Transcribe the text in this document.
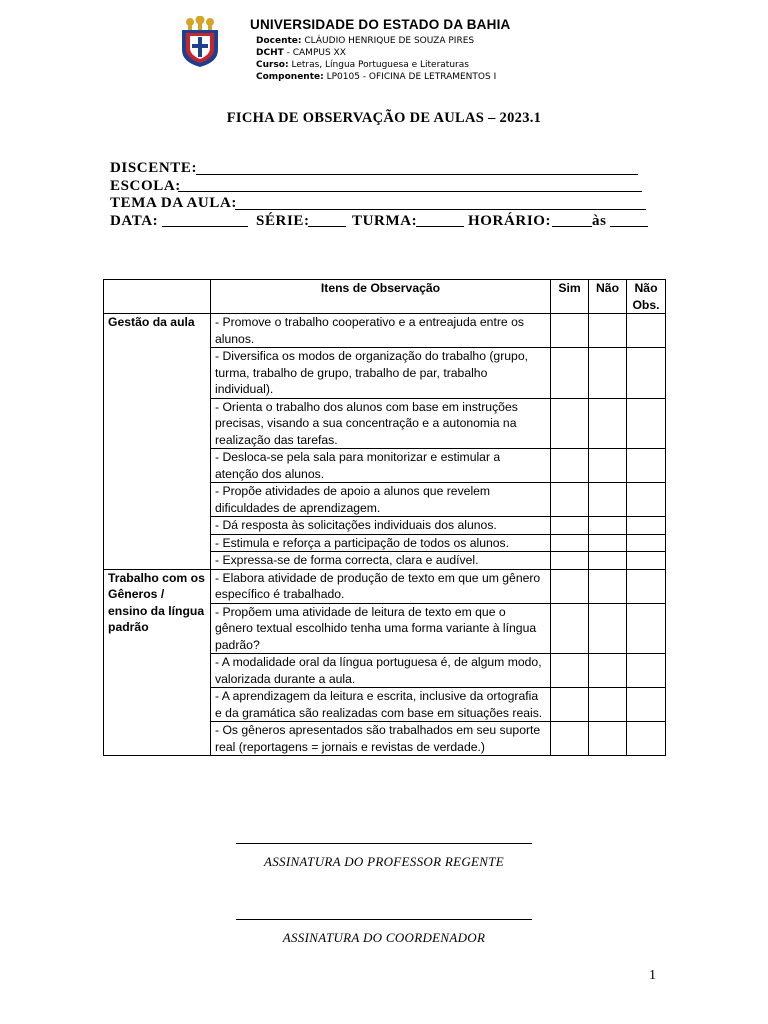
UNIVERSIDADE DO ESTADO DA BAHIA
Docente: CLÁUDIO HENRIQUE DE SOUZA PIRES
DCHT - CAMPUS XX
Curso: Letras, Língua Portuguesa e Literaturas
Componente: LP0105 - OFICINA DE LETRAMENTOS I
FICHA DE OBSERVAÇÃO DE AULAS – 2023.1
DISCENTE:
ESCOLA:
TEMA DA AULA:
DATA:	SÉRIE:	TURMA:	HORÁRIO:	às
	Itens de Observação	Sim	Não	Não Obs.
Gestão da aula	- Promove o trabalho cooperativo e a entreajuda entre os alunos.			
	- Diversifica os modos de organização do trabalho (grupo, turma, trabalho de grupo, trabalho de par, trabalho individual).			
	- Orienta o trabalho dos alunos com base em instruções precisas, visando a sua concentração e a autonomia na realização das tarefas.			
	- Desloca-se pela sala para monitorizar e estimular a atenção dos alunos.			
	- Propõe atividades de apoio a alunos que revelem dificuldades de aprendizagem.			
	- Dá resposta às solicitações individuais dos alunos.			
	- Estimula e reforça a participação de todos os alunos.			
	- Expressa-se de forma correcta, clara e audível.			
Trabalho com os Gêneros / ensino da língua padrão	- Elabora atividade de produção de texto em que um gênero específico é trabalhado.			
	- Propõem uma atividade de leitura de texto em que o gênero textual escolhido tenha uma forma variante à língua padrão?			
	- A modalidade oral da língua portuguesa é, de algum modo, valorizada durante a aula.			
	- A aprendizagem da leitura e escrita, inclusive da ortografia e da gramática são realizadas com base em situações reais.			
	- Os gêneros apresentados são trabalhados em seu suporte real (reportagens = jornais e revistas de verdade.)			
ASSINATURA DO PROFESSOR REGENTE
ASSINATURA DO COORDENADOR
1
